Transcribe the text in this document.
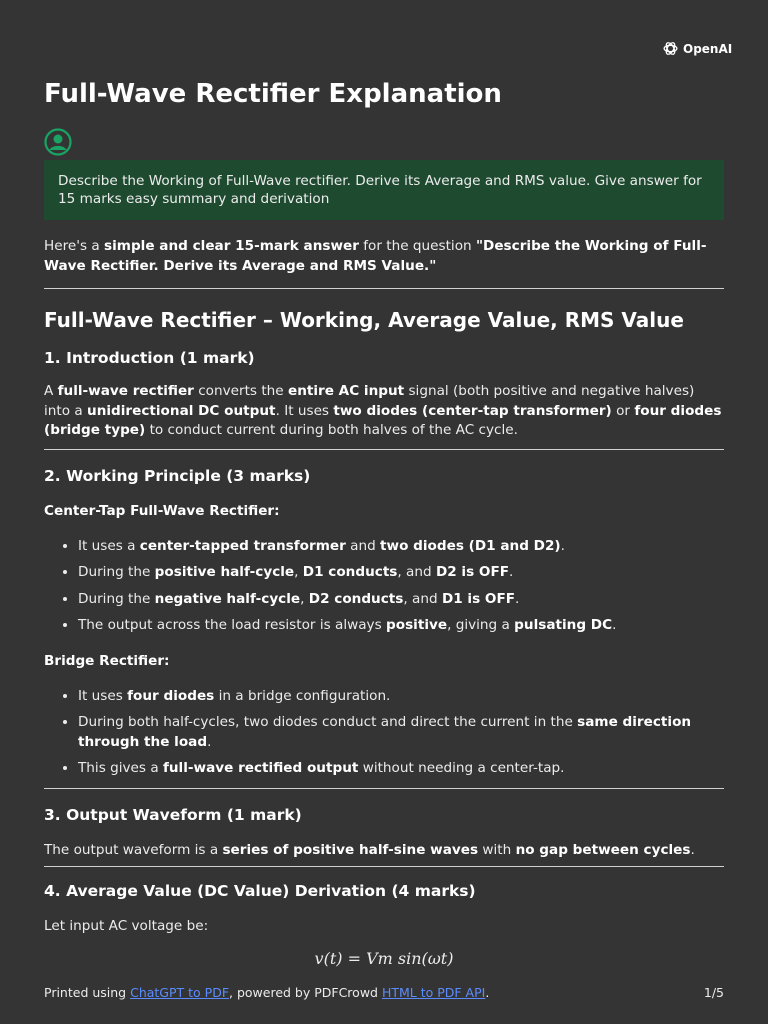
OpenAI
Full-Wave Rectifier Explanation
Describe the Working of Full-Wave rectifier. Derive its Average and RMS value. Give answer for 15 marks easy summary and derivation

Here's a simple and clear 15-mark answer for the question "Describe the Working of Full-Wave Rectifier. Derive its Average and RMS Value."

Full-Wave Rectifier – Working, Average Value, RMS Value
1. Introduction (1 mark)

A full-wave rectifier converts the entire AC input signal (both positive and negative halves) into a unidirectional DC output. It uses two diodes (center-tap transformer) or four diodes (bridge type) to conduct current during both halves of the AC cycle.

2. Working Principle (3 marks)
Center-Tap Full-Wave Rectifier:
• It uses a center-tapped transformer and two diodes (D1 and D2).
• During the positive half-cycle, D1 conducts, and D2 is OFF.
• During the negative half-cycle, D2 conducts, and D1 is OFF.
• The output across the load resistor is always positive, giving a pulsating DC.
Bridge Rectifier:
• It uses four diodes in a bridge configuration.
• During both half-cycles, two diodes conduct and direct the current in the same direction through the load.
• This gives a full-wave rectified output without needing a center-tap.
3. Output Waveform (1 mark)

The output waveform is a series of positive half-sine waves with no gap between cycles.

4. Average Value (DC Value) Derivation (4 marks)

Let input AC voltage be:

v(t) = Vm sin(ωt)
Printed using ChatGPT to PDF, powered by PDFCrowd HTML to PDF API.	1/5
